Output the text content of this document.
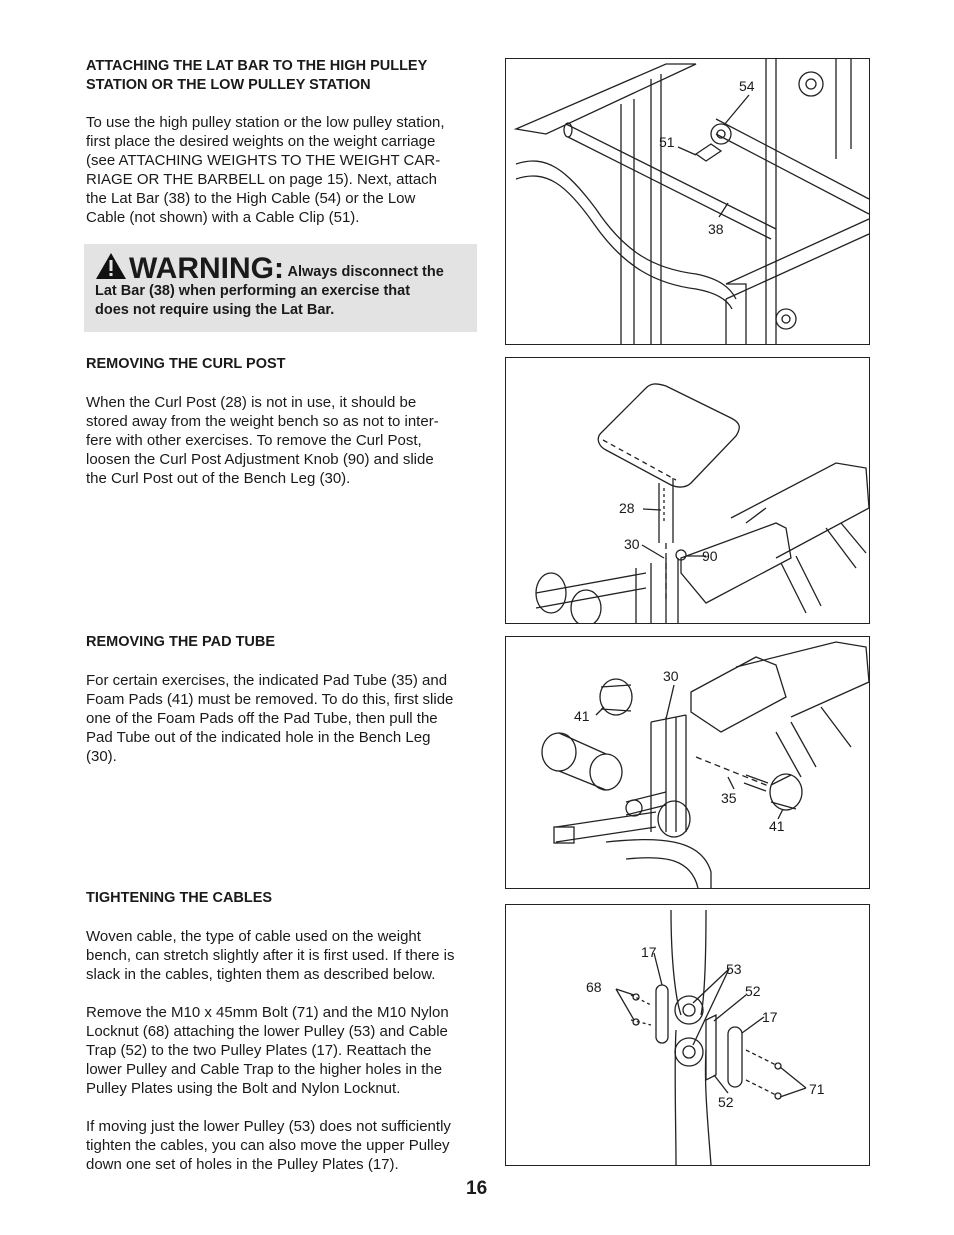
ATTACHING THE LAT BAR TO THE HIGH PULLEY
STATION OR THE LOW PULLEY STATION

To use the high pulley station or the low pulley station,
first place the desired weights on the weight carriage
(see ATTACHING WEIGHTS TO THE WEIGHT CAR-
RIAGE OR THE BARBELL on page 15). Next, attach
the Lat Bar (38) to the High Cable (54) or the Low
Cable (not shown) with a Cable Clip (51).

WARNING: Always disconnect the
Lat Bar (38) when performing an exercise that
does not require using the Lat Bar.

REMOVING THE CURL POST

When the Curl Post (28) is not in use, it should be
stored away from the weight bench so as not to inter-
fere with other exercises. To remove the Curl Post,
loosen the Curl Post Adjustment Knob (90) and slide
the Curl Post out of the Bench Leg (30).

REMOVING THE PAD TUBE

For certain exercises, the indicated Pad Tube (35) and
Foam Pads (41) must be removed. To do this, first slide
one of the Foam Pads off the Pad Tube, then pull the
Pad Tube out of the indicated hole in the Bench Leg
(30).

TIGHTENING THE CABLES

Woven cable, the type of cable used on the weight
bench, can stretch slightly after it is first used. If there is
slack in the cables, tighten them as described below.

Remove the M10 x 45mm Bolt (71) and the M10 Nylon
Locknut (68) attaching the lower Pulley (53) and Cable
Trap (52) to the two Pulley Plates (17). Reattach the
lower Pulley and Cable Trap to the higher holes in the
Pulley Plates using the Bolt and Nylon Locknut.

If moving just the lower Pulley (53) does not sufficiently
tighten the cables, you can also move the upper Pulley
down one set of holes in the Pulley Plates (17).

54
51
38
28
30
90
30
41
35
41
17
68
53
52
17
71
52
16
